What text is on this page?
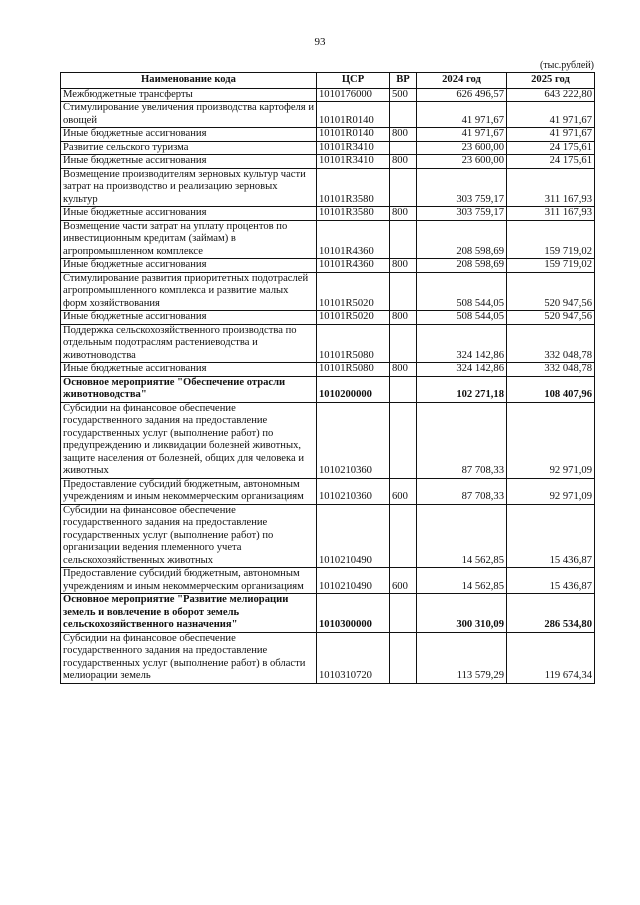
93
(тыс.рублей)
Наименование кода	ЦСР	ВР	2024 год	2025 год
Межбюджетные трансферты	1010176000	500	626 496,57	643 222,80
Стимулирование увеличения производства картофеля и овощей	10101R0140		41 971,67	41 971,67
Иные бюджетные ассигнования	10101R0140	800	41 971,67	41 971,67
Развитие сельского туризма	10101R3410		23 600,00	24 175,61
Иные бюджетные ассигнования	10101R3410	800	23 600,00	24 175,61
Возмещение производителям зерновых культур части затрат на производство и реализацию зерновых культур	10101R3580		303 759,17	311 167,93
Иные бюджетные ассигнования	10101R3580	800	303 759,17	311 167,93
Возмещение части затрат на уплату процентов по инвестиционным кредитам (займам) в агропромышленном комплексе	10101R4360		208 598,69	159 719,02
Иные бюджетные ассигнования	10101R4360	800	208 598,69	159 719,02
Стимулирование развития приоритетных подотраслей агропромышленного комплекса и развитие малых форм хозяйствования	10101R5020		508 544,05	520 947,56
Иные бюджетные ассигнования	10101R5020	800	508 544,05	520 947,56
Поддержка сельскохозяйственного производства по отдельным подотраслям растениеводства и животноводства	10101R5080		324 142,86	332 048,78
Иные бюджетные ассигнования	10101R5080	800	324 142,86	332 048,78
Основное мероприятие "Обеспечение отрасли животноводства"	1010200000		102 271,18	108 407,96
Субсидии на финансовое обеспечение государственного задания на предоставление государственных услуг (выполнение работ) по предупреждению и ликвидации болезней животных, защите населения от болезней, общих для человека и животных	1010210360		87 708,33	92 971,09
Предоставление субсидий бюджетным, автономным учреждениям и иным некоммерческим организациям	1010210360	600	87 708,33	92 971,09
Субсидии на финансовое обеспечение государственного задания на предоставление государственных услуг (выполнение работ) по организации ведения племенного учета сельскохозяйственных животных	1010210490		14 562,85	15 436,87
Предоставление субсидий бюджетным, автономным учреждениям и иным некоммерческим организациям	1010210490	600	14 562,85	15 436,87
Основное мероприятие "Развитие мелиорации земель и вовлечение в оборот земель сельскохозяйственного назначения"	1010300000		300 310,09	286 534,80
Субсидии на финансовое обеспечение государственного задания на предоставление государственных услуг (выполнение работ) в области мелиорации земель	1010310720		113 579,29	119 674,34
